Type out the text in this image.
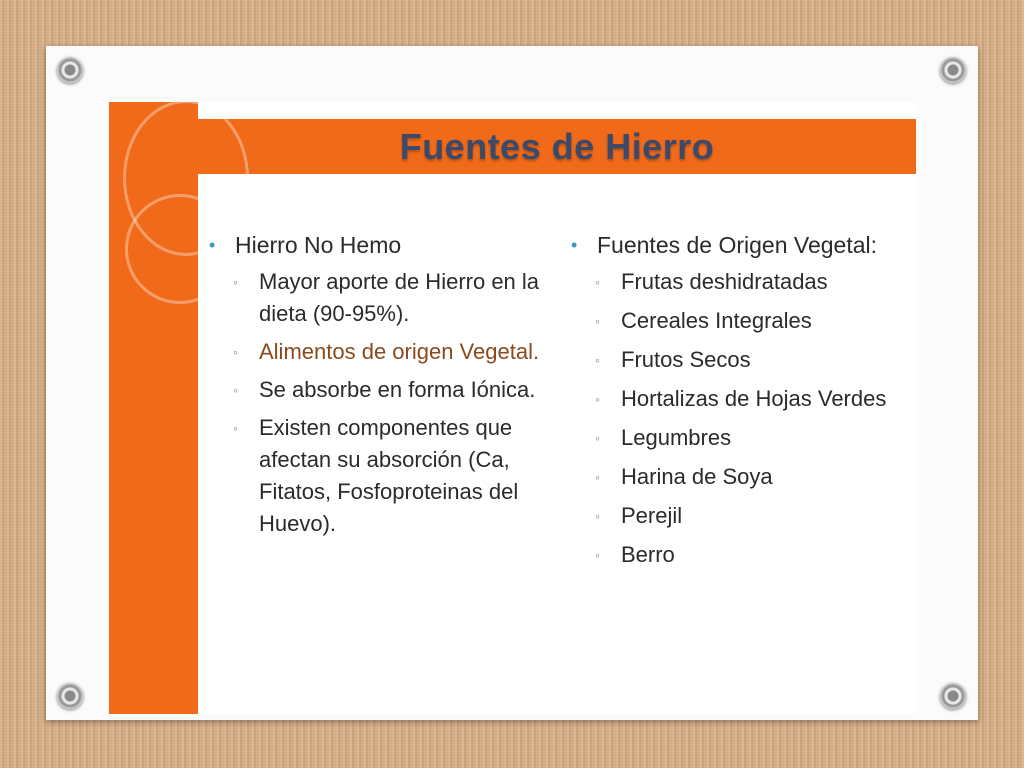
Fuentes de Hierro
• Hierro No Hemo
◦ Mayor aporte de Hierro en la dieta (90-95%).
◦ Alimentos de origen Vegetal.
◦ Se absorbe en forma Iónica.
◦ Existen componentes que afectan su absorción (Ca, Fitatos, Fosfoproteinas del Huevo).
• Fuentes de Origen Vegetal:
◦ Frutas deshidratadas
◦ Cereales Integrales
◦ Frutos Secos
◦ Hortalizas de Hojas Verdes
◦ Legumbres
◦ Harina de Soya
◦ Perejil
◦ Berro
